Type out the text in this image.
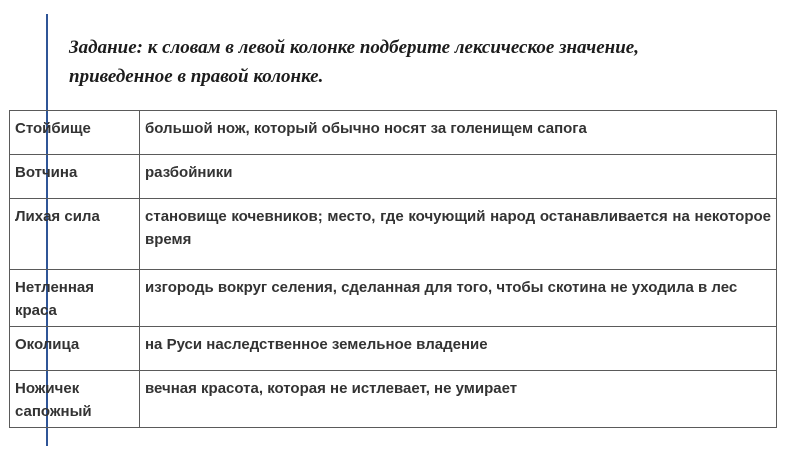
Задание: к словам в левой колонке подберите лексическое значение,
приведенное в правой колонке.
Стойбище	большой нож, который обычно носят за голенищем сапога
Вотчина	разбойники
Лихая сила	становище кочевников; место, где кочующий народ останавливается на некоторое время
Нетленная краса	изгородь вокруг селения, сделанная для того, чтобы скотина не уходила в лес
Околица	на Руси наследственное земельное владение
Ножичек сапожный	вечная красота, которая не истлевает, не умирает
